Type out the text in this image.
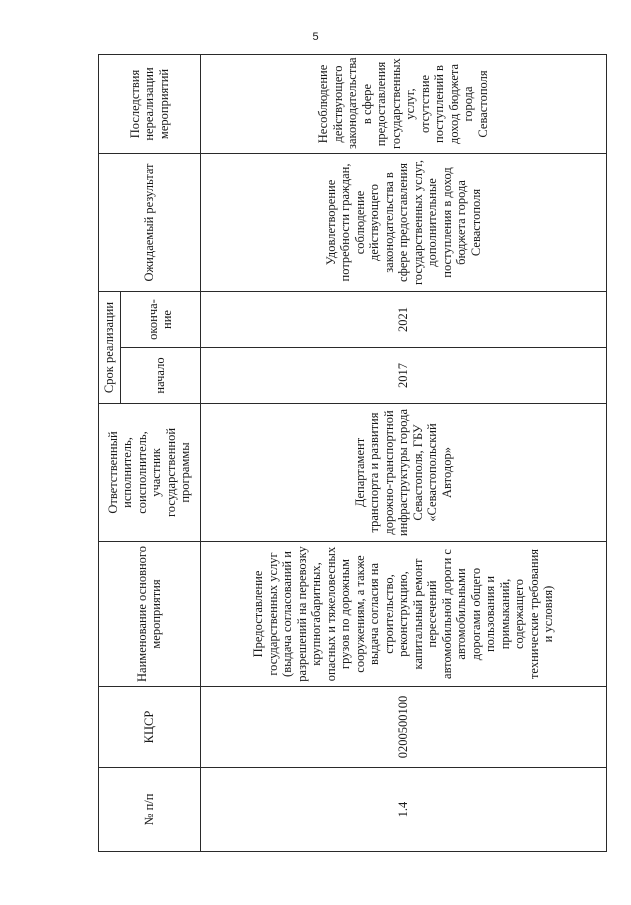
5
№ п/п	КЦСР	Наименование основного мероприятия	Ответственный исполнитель, соисполнитель, участник государственной программы	Срок реализации		Ожидаемый результат	Последствия нереализации мероприятий
				начало	оконча-ние		
1.4	0200500100	Предоставление государственных услуг (выдача согласований и разрешений на перевозку крупногабаритных, опасных и тяжеловесных грузов по дорожным сооружениям, а также выдача согласия на строительство, реконструкцию, капитальный ремонт пересечений автомобильной дороги с автомобильными дорогами общего пользования и примыканий, содержащего технические требования и условия)	Департамент транспорта и развития дорожно-транспортной инфраструктуры города Севастополя, ГБУ «Севастопольский Автодор»	2017	2021	Удовлетворение потребности граждан, соблюдение действующего законодательства в сфере предоставления государственных услуг, дополнительные поступления в доход бюджета города Севастополя	Несоблюдение действующего законодательства в сфере предоставления государственных услуг, отсутствие поступлений в доход бюджета города Севастополя
